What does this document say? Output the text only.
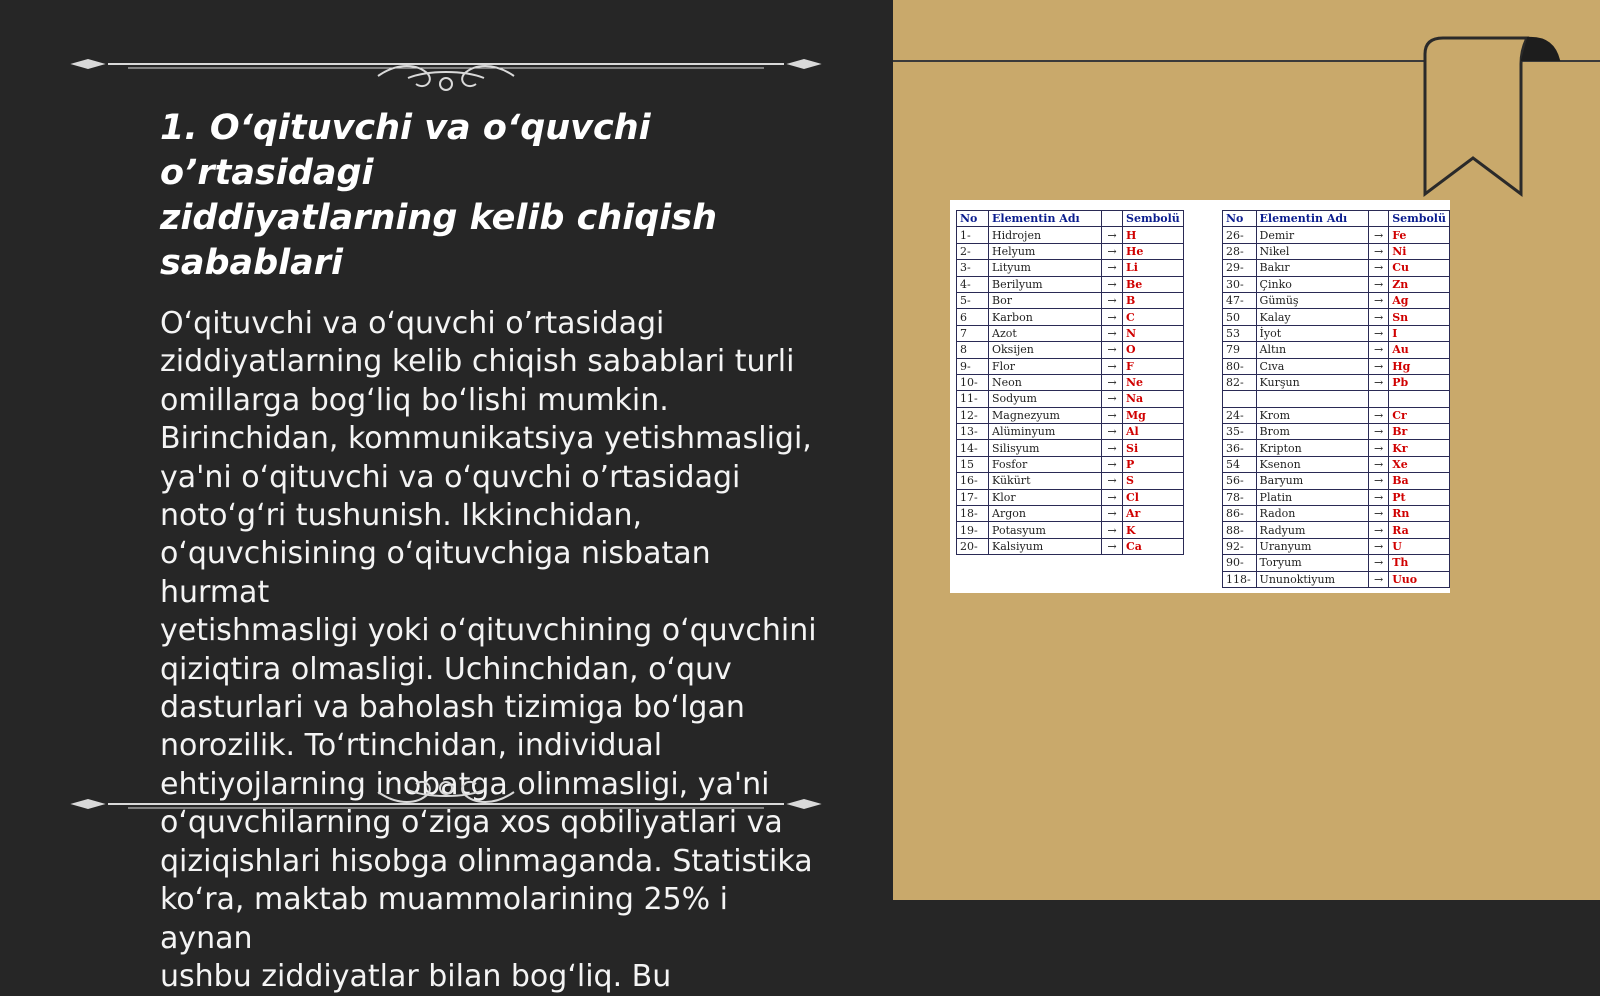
1. O‘qituvchi va o‘quvchi o’rtasidagi
ziddiyatlarning kelib chiqish sabablari

O‘qituvchi va o‘quvchi o’rtasidagi
ziddiyatlarning kelib chiqish sabablari turli
omillarga bog‘liq bo‘lishi mumkin.
Birinchidan, kommunikatsiya yetishmasligi,
ya'ni o‘qituvchi va o‘quvchi o’rtasidagi
noto‘g‘ri tushunish. Ikkinchidan,
o‘quvchisining o‘qituvchiga nisbatan hurmat
yetishmasligi yoki o‘qituvchining o‘quvchini
qiziqtira olmasligi. Uchinchidan, o‘quv
dasturlari va baholash tizimiga bo‘lgan
norozilik. To‘rtinchidan, individual
ehtiyojlarning inobatga olinmasligi, ya'ni
o‘quvchilarning o‘ziga xos qobiliyatlari va
qiziqishlari hisobga olinmaganda. Statistika
ko‘ra, maktab muammolarining 25% i aynan
ushbu ziddiyatlar bilan bog‘liq. Bu

No	Elementin Adı		Sembolü
1-	Hidrojen	→	H
2-	Helyum	→	He
3-	Lityum	→	Li
4-	Berilyum	→	Be
5-	Bor	→	B
6	Karbon	→	C
7	Azot	→	N
8	Oksijen	→	O
9-	Flor	→	F
10-	Neon	→	Ne
11-	Sodyum	→	Na
12-	Magnezyum	→	Mg
13-	Alüminyum	→	Al
14-	Silisyum	→	Si
15	Fosfor	→	P
16-	Kükürt	→	S
17-	Klor	→	Cl
18-	Argon	→	Ar
19-	Potasyum	→	K
20-	Kalsiyum	→	Ca
No	Elementin Adı		Sembolü
26-	Demir	→	Fe
28-	Nikel	→	Ni
29-	Bakır	→	Cu
30-	Çinko	→	Zn
47-	Gümüş	→	Ag
50	Kalay	→	Sn
53	İyot	→	I
79	Altın	→	Au
80-	Cıva	→	Hg
82-	Kurşun	→	Pb

24-	Krom	→	Cr
35-	Brom	→	Br
36-	Kripton	→	Kr
54	Ksenon	→	Xe
56-	Baryum	→	Ba
78-	Platin	→	Pt
86-	Radon	→	Rn
88-	Radyum	→	Ra
92-	Uranyum	→	U
90-	Toryum	→	Th
118-	Ununoktiyum	→	Uuo
